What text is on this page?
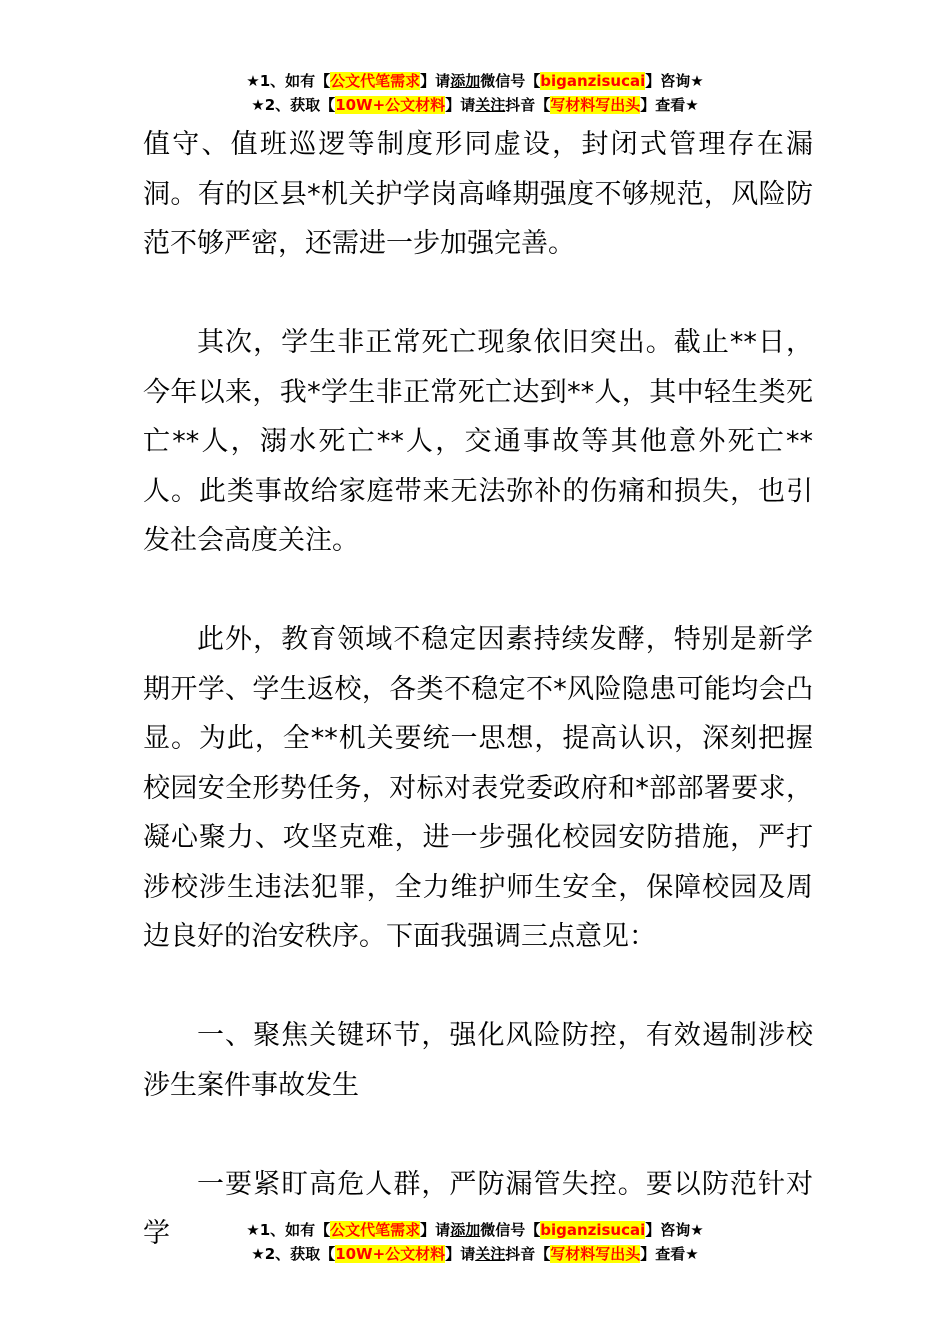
★1、如有【公文代笔需求】请添加微信号【biganzisucai】咨询★
★2、获取【10W+公文材料】请关注抖音【写材料写出头】查看★

值守、值班巡逻等制度形同虚设，封闭式管理存在漏洞。有的区县*机关护学岗高峰期强度不够规范，风险防范不够严密，还需进一步加强完善。

其次，学生非正常死亡现象依旧突出。截止**日，今年以来，我*学生非正常死亡达到**人，其中轻生类死亡**人，溺水死亡**人，交通事故等其他意外死亡**人。此类事故给家庭带来无法弥补的伤痛和损失，也引发社会高度关注。

此外，教育领域不稳定因素持续发酵，特别是新学期开学、学生返校，各类不稳定不*风险隐患可能均会凸显。为此，全**机关要统一思想，提高认识，深刻把握校园安全形势任务，对标对表党委政府和*部部署要求，凝心聚力、攻坚克难，进一步强化校园安防措施，严打涉校涉生违法犯罪，全力维护师生安全，保障校园及周边良好的治安秩序。下面我强调三点意见：

一、聚焦关键环节，强化风险防控，有效遏制涉校涉生案件事故发生

一要紧盯高危人群，严防漏管失控。要以防范针对学	★1、如有【公文代笔需求】请添加微信号【biganzisucai】咨询★
★2、获取【10W+公文材料】请关注抖音【写材料写出头】查看★
